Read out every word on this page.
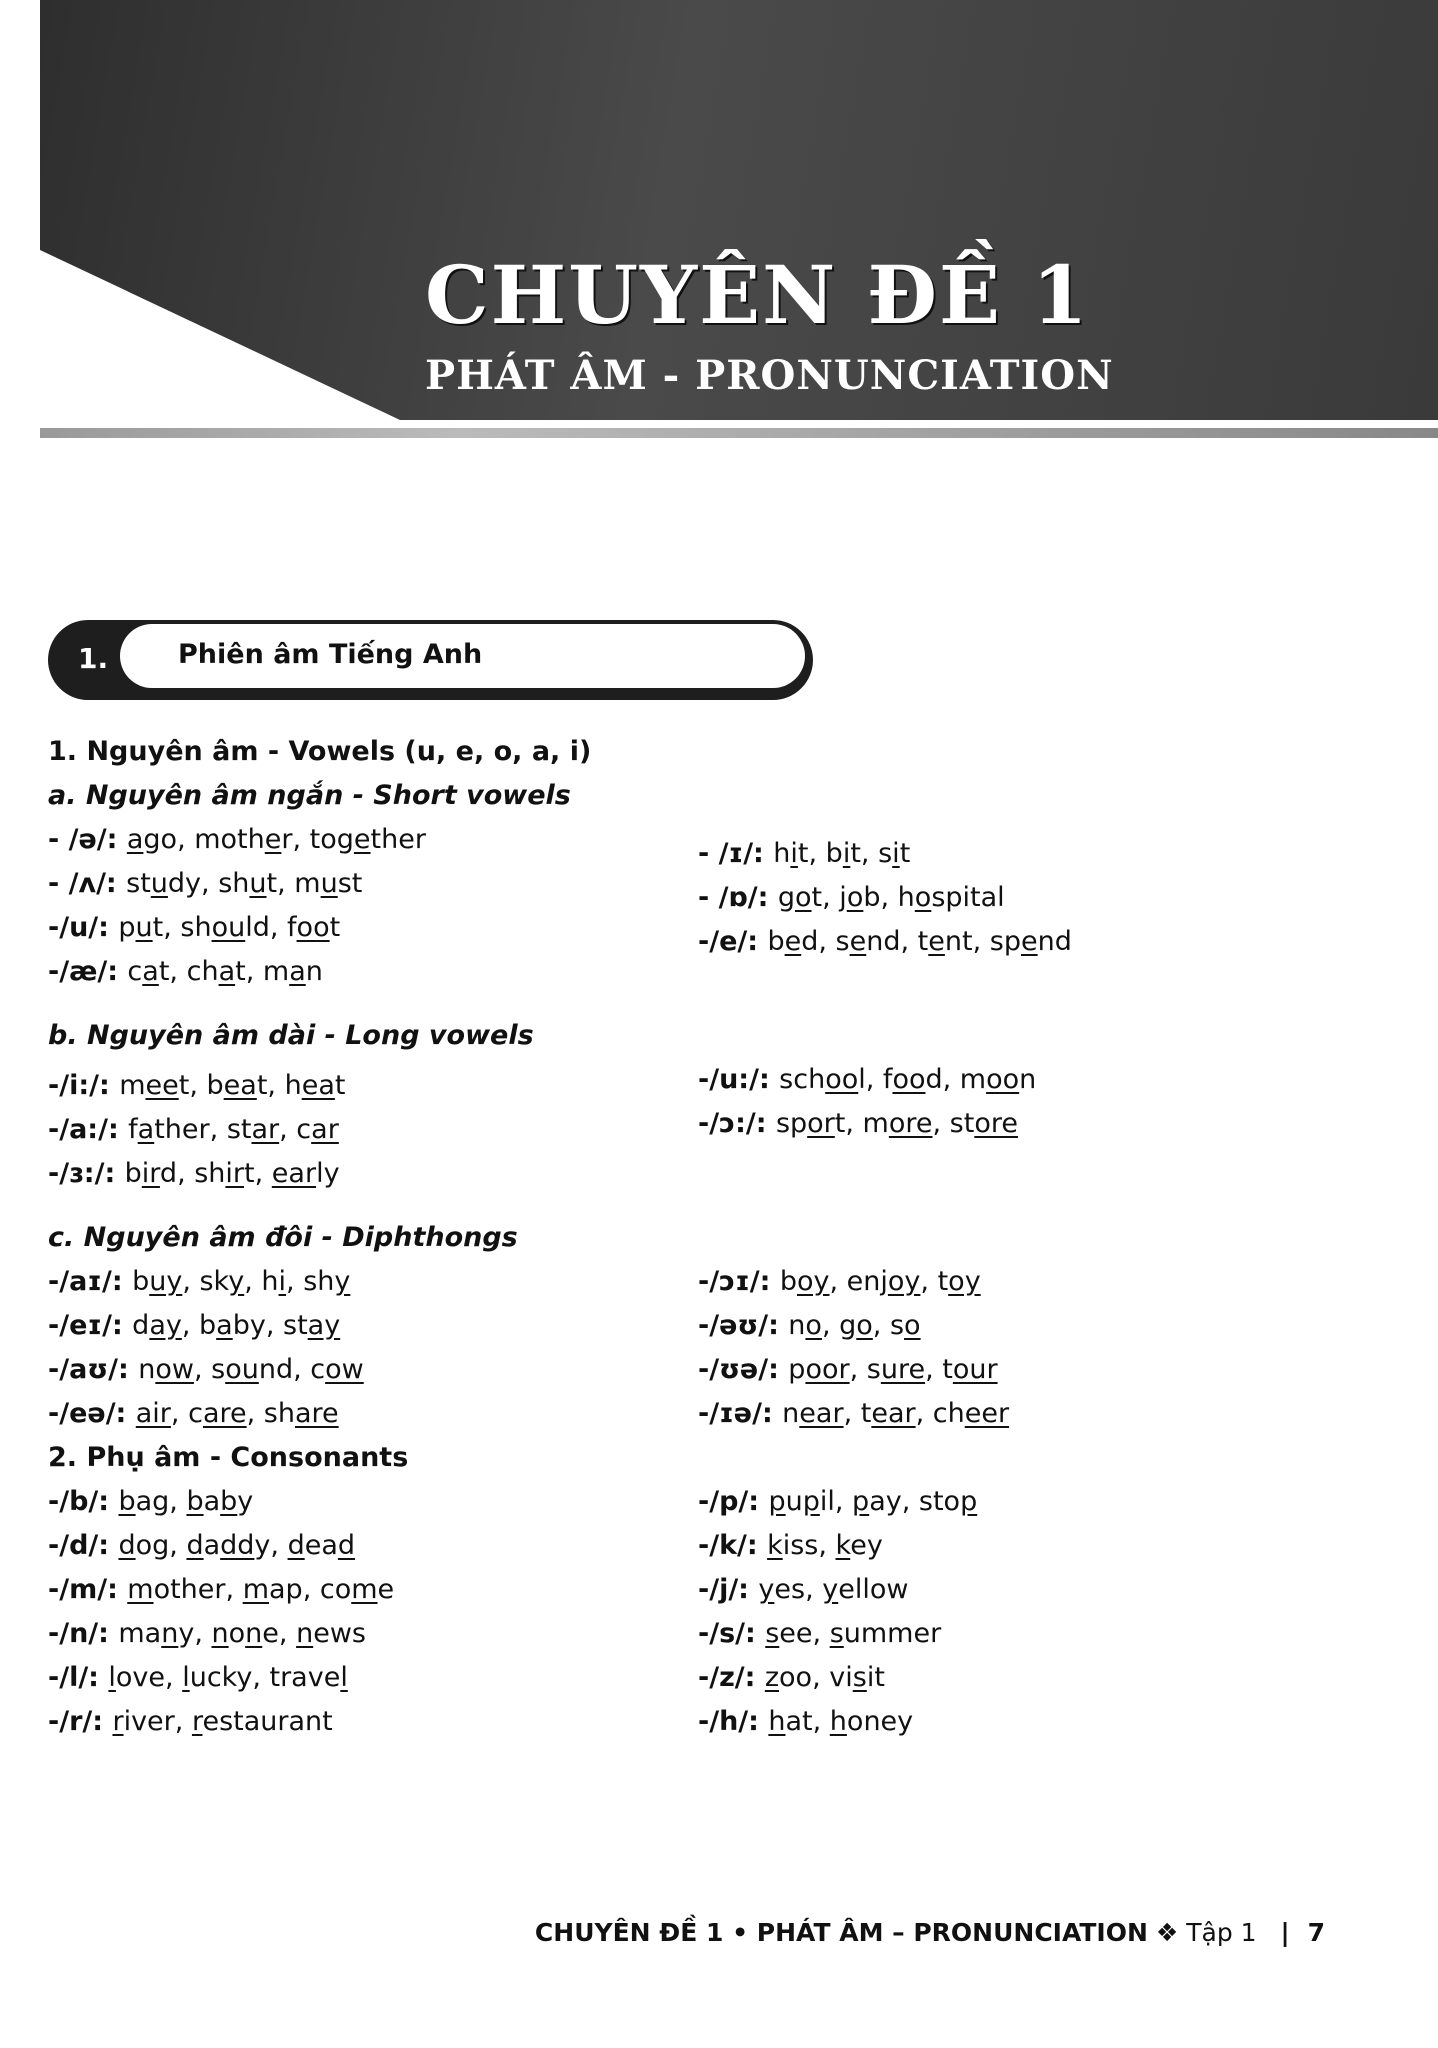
CHUYÊN ĐỀ 1
PHÁT ÂM - PRONUNCIATION
1.	Phiên âm Tiếng Anh
1. Nguyên âm - Vowels (u, e, o, a, i)
a. Nguyên âm ngắn - Short vowels
- /ə/: ago, mother, together
- /ʌ/: study, shut, must
-/u/: put, should, foot
-/æ/: cat, chat, man
- /ɪ/: hit, bit, sit
- /ɒ/: got, job, hospital
-/e/: bed, send, tent, spend
b. Nguyên âm dài - Long vowels
-/i:/: meet, beat, heat
-/a:/: father, star, car
-/ɜ:/: bird, shirt, early
-/u:/: school, food, moon
-/ɔ:/: sport, more, store
c. Nguyên âm đôi - Diphthongs
-/aɪ/: buy, sky, hi, shy
-/eɪ/: day, baby, stay
-/aʊ/: now, sound, cow
-/eə/: air, care, share
-/ɔɪ/: boy, enjoy, toy
-/əʊ/: no, go, so
-/ʊə/: poor, sure, tour
-/ɪə/: near, tear, cheer
2. Phụ âm - Consonants
-/b/: bag, baby
-/d/: dog, daddy, dead
-/m/: mother, map, come
-/n/: many, none, news
-/l/: love, lucky, travel
-/r/: river, restaurant
-/p/: pupil, pay, stop
-/k/: kiss, key
-/j/: yes, yellow
-/s/: see, summer
-/z/: zoo, visit
-/h/: hat, honey
CHUYÊN ĐỀ 1 • PHÁT ÂM – PRONUNCIATION ❖ Tập 1 | 7
